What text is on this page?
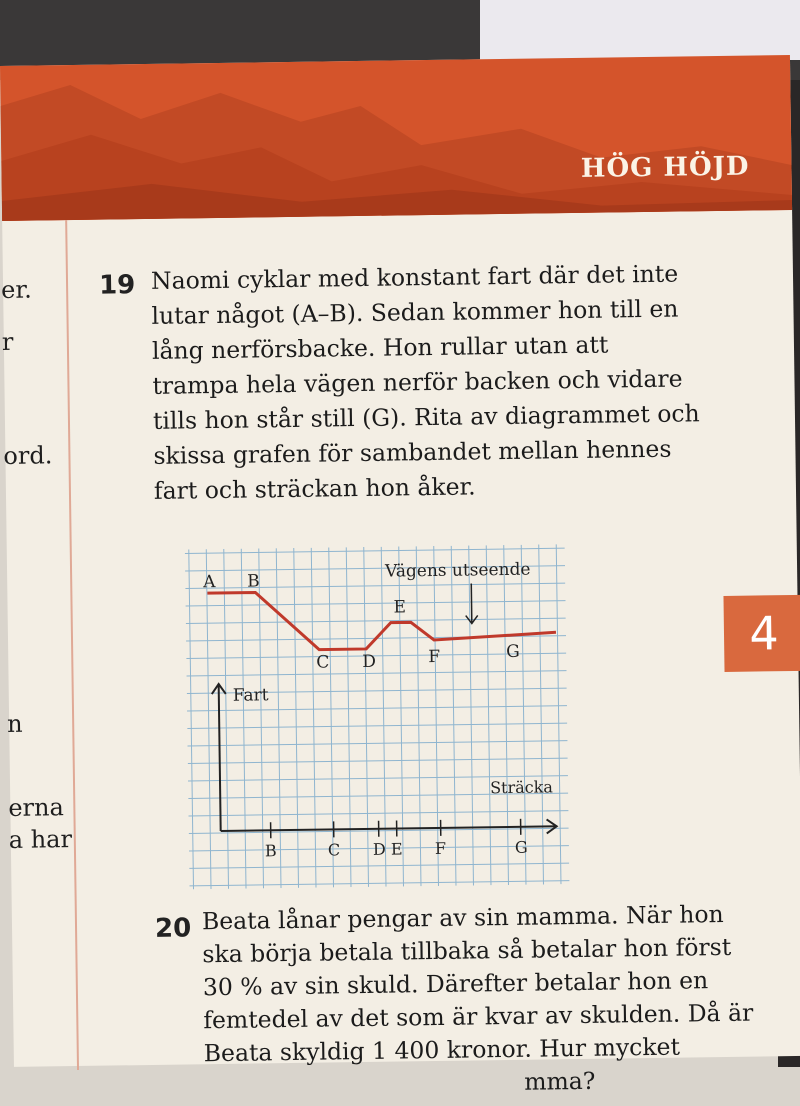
HÖG HÖJD
er.
r
ord.
n
erna
a har
19 Naomi cyklar med konstant fart där det inte
lutar något (A–B). Sedan kommer hon till en
lång nerförsbacke. Hon rullar utan att
trampa hela vägen nerför backen och vidare
tills hon står still (G). Rita av diagrammet och
skissa grafen för sambandet mellan hennes
fart och sträckan hon åker.
A B
C D
E
F	G
Vägens utseende
Fart
Sträcka
B	C D E F	G
4
20 Beata lånar pengar av sin mamma. När hon
ska börja betala tillbaka så betalar hon först
30 % av sin skuld. Därefter betalar hon en
femtedel av det som är kvar av skulden. Då är
Beata skyldig 1 400 kronor. Hur mycket
mma?
